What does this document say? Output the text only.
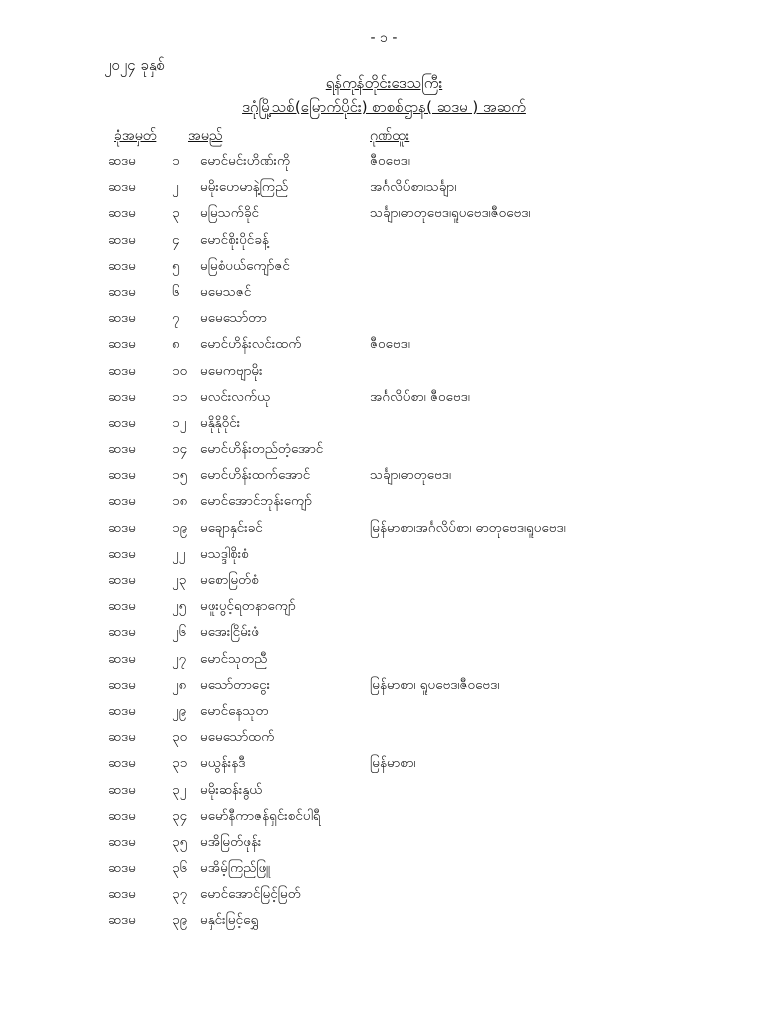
- ၁ -
၂၀၂၄ ခုနှစ်
ရန်ကုန်တိုင်းဒေသကြီး
ဒဂုံမြို့သစ်(မြောက်ပိုင်း) စာစစ်ဌာန( ဆဒမ ) အဆက်
ခုံအမှတ် အမည်	ဂုဏ်ထူး
ဆဒမ	၁ မောင်မင်းဟိဏ်းကို	ဇီဝဗေဒ၊
ဆဒမ	၂ မမိုးဟေမာနဲ့ကြည်	အင်္ဂလိပ်စာ၊သင်္ချာ၊
ဆဒမ	၃ မမြသက်ခိုင်	သင်္ချာ၊ဓာတုဗေဒ၊ရူပဗေဒ၊ဇီဝဗေဒ၊
ဆဒမ	၄ မောင်စိုးပိုင်ခန့်
ဆဒမ	၅ မမြစံပယ်ကျော်ဇင်
ဆဒမ	၆ မမေသဇင်
ဆဒမ	၇ မမေသော်တာ
ဆဒမ	၈ မောင်ဟိန်းလင်းထက်	ဇီဝဗေဒ၊
ဆဒမ	၁၀ မမေကဗျာမိုး
ဆဒမ	၁၁ မလင်းလက်ယု	အင်္ဂလိပ်စာ၊ ဇီဝဗေဒ၊
ဆဒမ	၁၂ မနိုနိုဝိုင်း
ဆဒမ	၁၄ မောင်ဟိန်းတည်တံ့အောင်
ဆဒမ	၁၅ မောင်ဟိန်းထက်အောင်	သင်္ချာ၊ဓာတုဗေဒ၊
ဆဒမ	၁၈ မောင်အောင်ဘုန်းကျော်
ဆဒမ	၁၉ မချောနှင်းခင်	မြန်မာစာ၊အင်္ဂလိပ်စာ၊ ဓာတုဗေဒ၊ရူပဗေဒ၊
ဆဒမ	၂၂ မသဒ္ဒါစိုးစံ
ဆဒမ	၂၃ မစောမြတ်စံ
ဆဒမ	၂၅ မဖူးပွင့်ရတနာကျော်
ဆဒမ	၂၆ မအေးငြိမ်းဖံ
ဆဒမ	၂၇ မောင်သုတညီ
ဆဒမ	၂၈ မသော်တာငွေး	မြန်မာစာ၊ ရူပဗေဒ၊ဇီဝဗေဒ၊
ဆဒမ	၂၉ မောင်နေသုတ
ဆဒမ	၃၀ မမေသော်ထက်
ဆဒမ	၃၁ မယွန်းနဒီ	မြန်မာစာ၊
ဆဒမ	၃၂ မမိုးဆန်းနွယ်
ဆဒမ	၃၄ မမော်နီကာဇန်ရှင်းစင်ပါရီ
ဆဒမ	၃၅ မအိမြတ်ဖုန်း
ဆဒမ	၃၆ မအိမ့်ကြည်ဖြူ
ဆဒမ	၃၇ မောင်အောင်မြင့်မြတ်
ဆဒမ	၃၉ မနှင်းမြင့်ရွှေ
